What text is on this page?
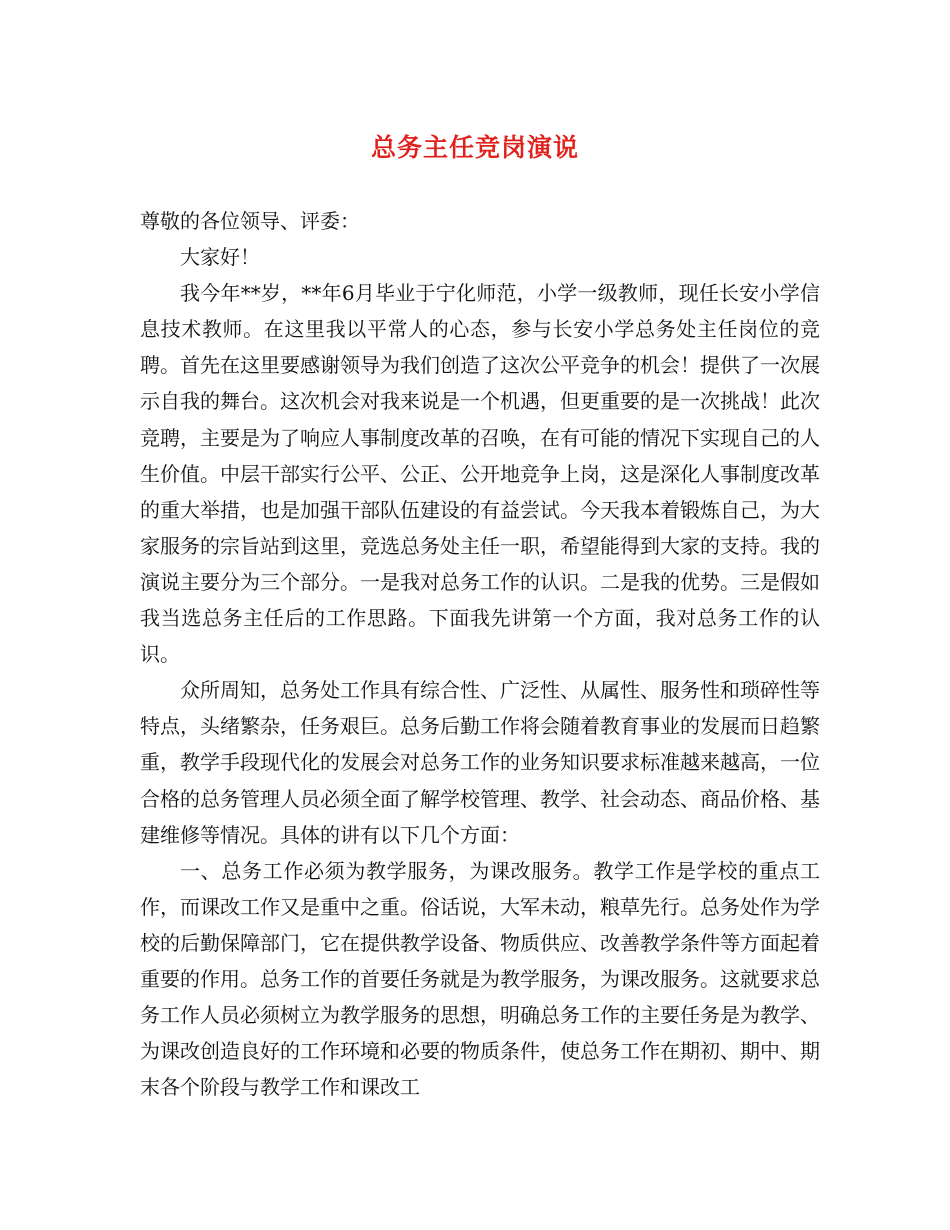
总务主任竞岗演说

尊敬的各位领导、评委：

大家好！

我今年**岁，**年6月毕业于宁化师范，小学一级教师，现任长安小学信息技术教师。在这里我以平常人的心态，参与长安小学总务处主任岗位的竞聘。首先在这里要感谢领导为我们创造了这次公平竞争的机会！提供了一次展示自我的舞台。这次机会对我来说是一个机遇，但更重要的是一次挑战！此次竞聘，主要是为了响应人事制度改革的召唤，在有可能的情况下实现自己的人生价值。中层干部实行公平、公正、公开地竞争上岗，这是深化人事制度改革的重大举措，也是加强干部队伍建设的有益尝试。今天我本着锻炼自己，为大家服务的宗旨站到这里，竞选总务处主任一职，希望能得到大家的支持。我的演说主要分为三个部分。一是我对总务工作的认识。二是我的优势。三是假如我当选总务主任后的工作思路。下面我先讲第一个方面，我对总务工作的认识。

众所周知，总务处工作具有综合性、广泛性、从属性、服务性和琐碎性等特点，头绪繁杂，任务艰巨。总务后勤工作将会随着教育事业的发展而日趋繁重，教学手段现代化的发展会对总务工作的业务知识要求标准越来越高，一位合格的总务管理人员必须全面了解学校管理、教学、社会动态、商品价格、基建维修等情况。具体的讲有以下几个方面：

一、总务工作必须为教学服务，为课改服务。教学工作是学校的重点工作，而课改工作又是重中之重。俗话说，大军未动，粮草先行。总务处作为学校的后勤保障部门，它在提供教学设备、物质供应、改善教学条件等方面起着重要的作用。总务工作的首要任务就是为教学服务，为课改服务。这就要求总务工作人员必须树立为教学服务的思想，明确总务工作的主要任务是为教学、为课改创造良好的工作环境和必要的物质条件，使总务工作在期初、期中、期末各个阶段与教学工作和课改工
